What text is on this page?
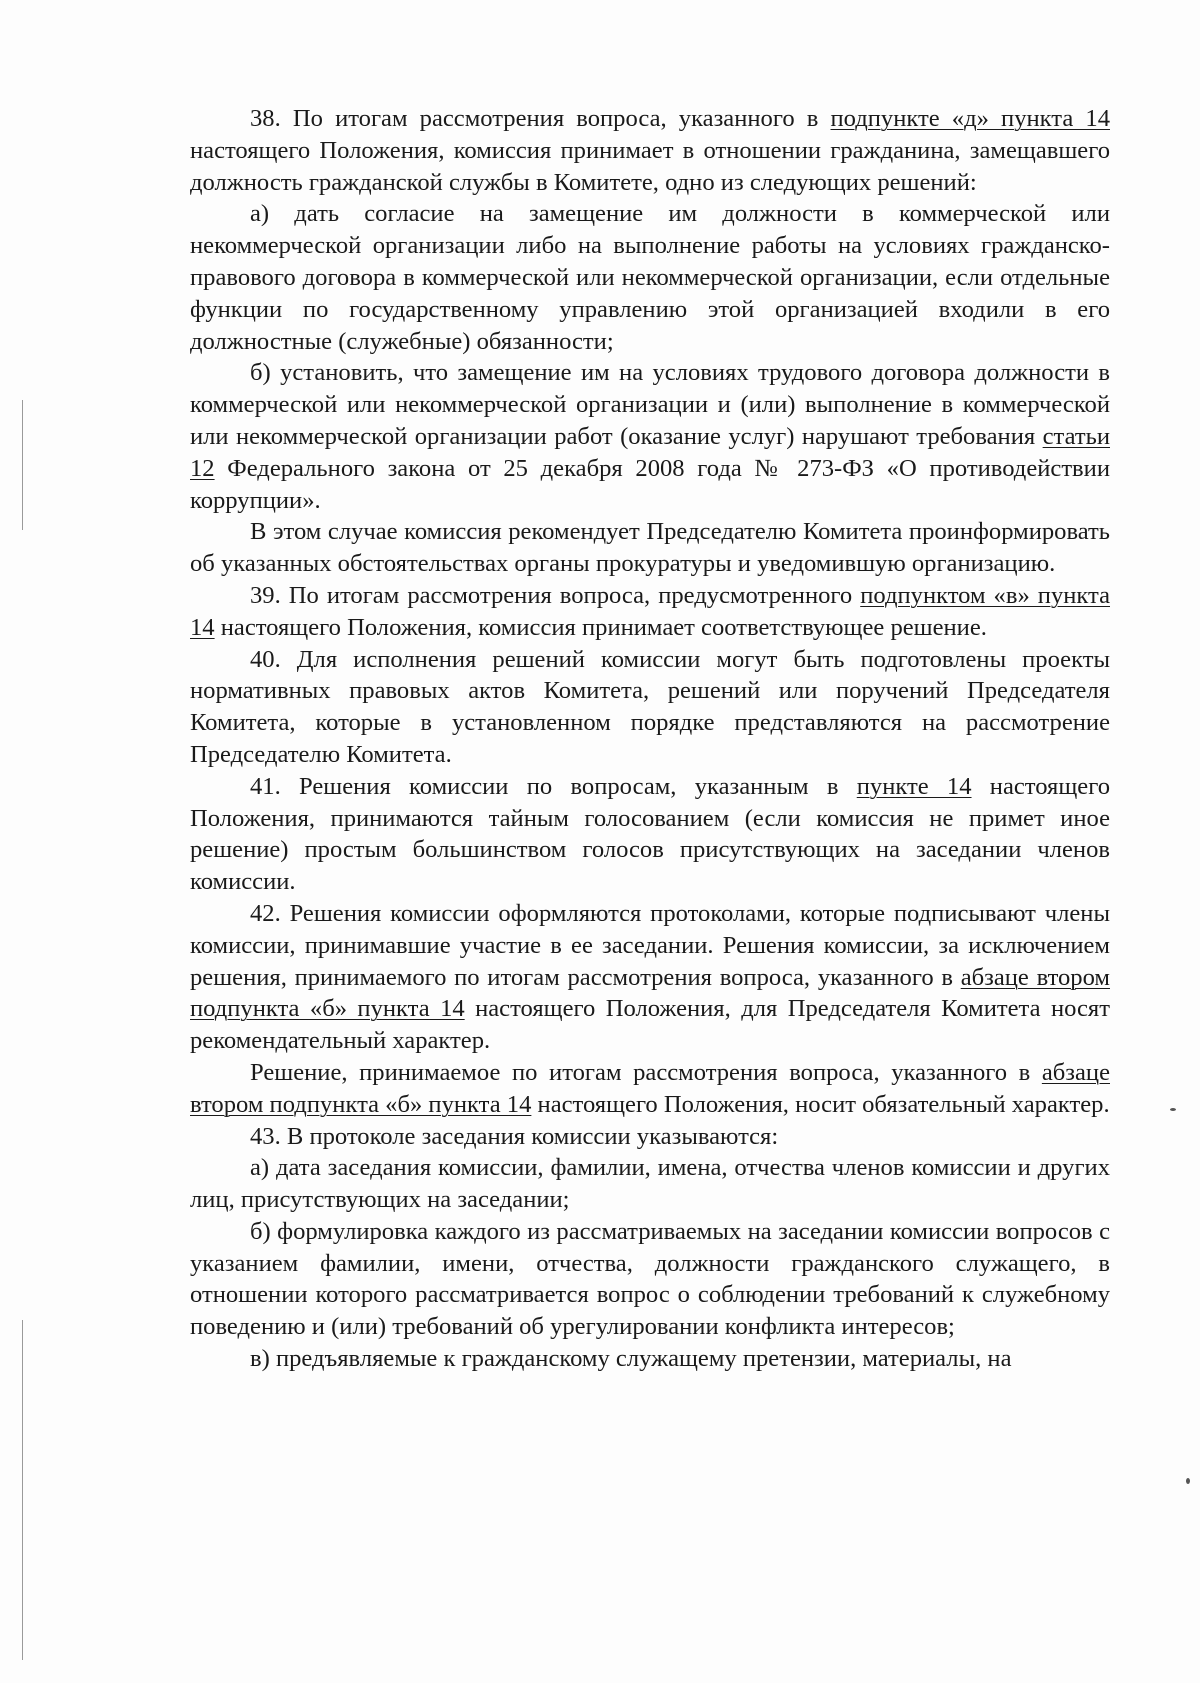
38. По итогам рассмотрения вопроса, указанного в подпункте «д» пункта 14 настоящего Положения, комиссия принимает в отношении гражданина, замещавшего должность гражданской службы в Комитете, одно из следующих решений:

а) дать согласие на замещение им должности в коммерческой или некоммерческой организации либо на выполнение работы на условиях гражданско-правового договора в коммерческой или некоммерческой организации, если отдельные функции по государственному управлению этой организацией входили в его должностные (служебные) обязанности;

б) установить, что замещение им на условиях трудового договора должности в коммерческой или некоммерческой организации и (или) выполнение в коммерческой или некоммерческой организации работ (оказание услуг) нарушают требования статьи 12 Федерального закона от 25 декабря 2008 года № 273-ФЗ «О противодействии коррупции».

В этом случае комиссия рекомендует Председателю Комитета проинформировать об указанных обстоятельствах органы прокуратуры и уведомившую организацию.

39. По итогам рассмотрения вопроса, предусмотренного подпунктом «в» пункта 14 настоящего Положения, комиссия принимает соответствующее решение.

40. Для исполнения решений комиссии могут быть подготовлены проекты нормативных правовых актов Комитета, решений или поручений Председателя Комитета, которые в установленном порядке представляются на рассмотрение Председателю Комитета.

41. Решения комиссии по вопросам, указанным в пункте 14 настоящего Положения, принимаются тайным голосованием (если комиссия не примет иное решение) простым большинством голосов присутствующих на заседании членов комиссии.

42. Решения комиссии оформляются протоколами, которые подписывают члены комиссии, принимавшие участие в ее заседании. Решения комиссии, за исключением решения, принимаемого по итогам рассмотрения вопроса, указанного в абзаце втором подпункта «б» пункта 14 настоящего Положения, для Председателя Комитета носят рекомендательный характер.

Решение, принимаемое по итогам рассмотрения вопроса, указанного в абзаце втором подпункта «б» пункта 14 настоящего Положения, носит обязательный характер.

43. В протоколе заседания комиссии указываются:

а) дата заседания комиссии, фамилии, имена, отчества членов комиссии и других лиц, присутствующих на заседании;

б) формулировка каждого из рассматриваемых на заседании комиссии вопросов с указанием фамилии, имени, отчества, должности гражданского служащего, в отношении которого рассматривается вопрос о соблюдении требований к служебному поведению и (или) требований об урегулировании конфликта интересов;

в) предъявляемые к гражданскому служащему претензии, материалы, на
